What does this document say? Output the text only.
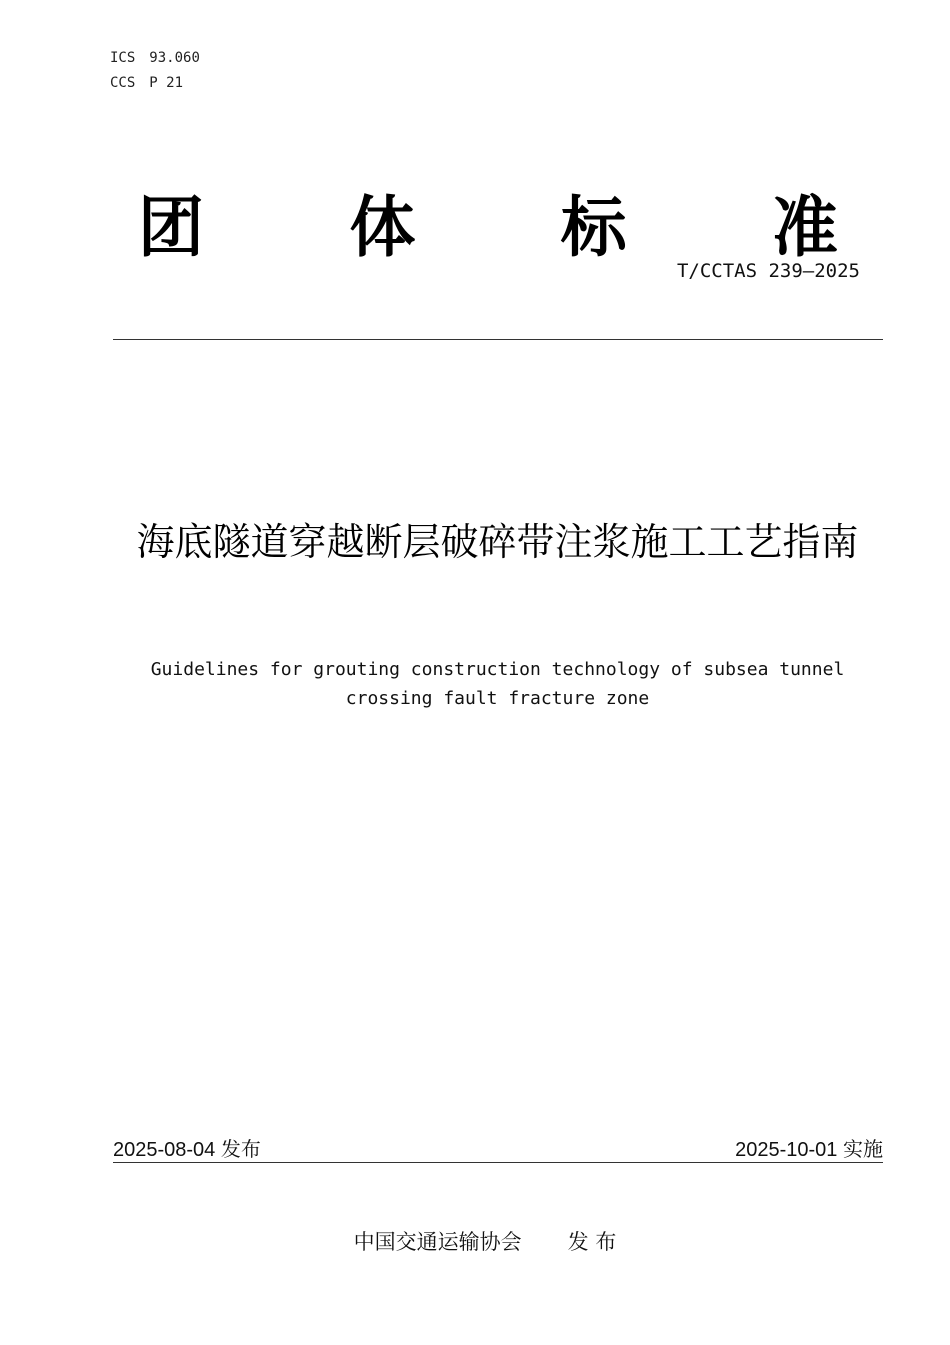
ICS 93.060
CCS P 21
团 体 标 准
T/CCTAS 239—2025
海底隧道穿越断层破碎带注浆施工工艺指南
Guidelines for grouting construction technology of subsea tunnel
crossing fault fracture zone
2025-08-04 发布	2025-10-01 实施
中国交通运输协会 发 布
